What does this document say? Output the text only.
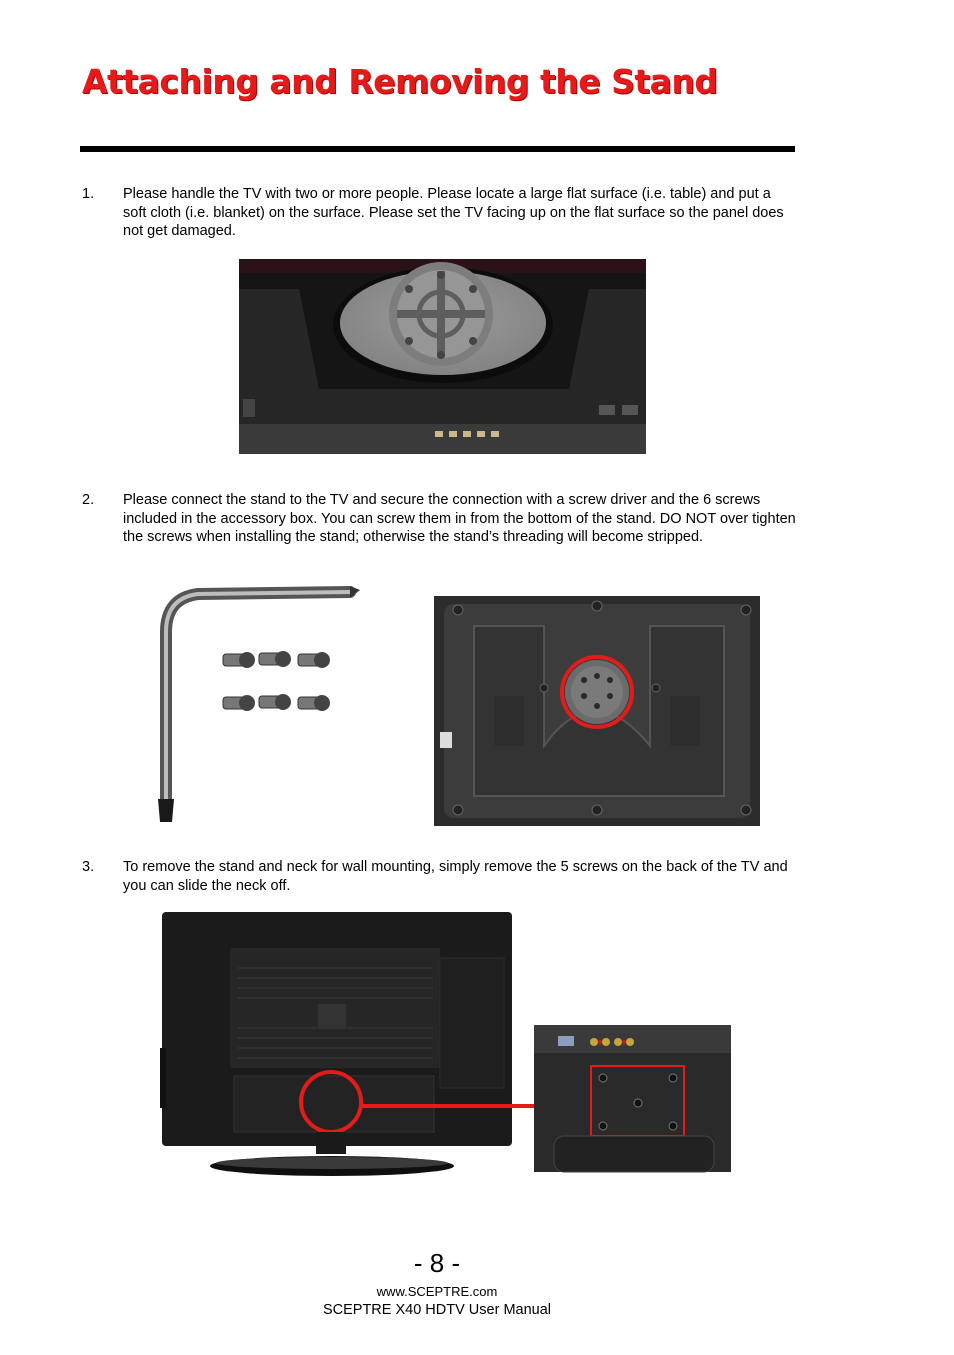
Attaching and Removing the Stand
1. Please handle the TV with two or more people. Please locate a large flat surface (i.e. table) and put a soft cloth (i.e. blanket) on the surface. Please set the TV facing up on the flat surface so the panel does not get damaged.
2. Please connect the stand to the TV and secure the connection with a screw driver and the 6 screws included in the accessory box. You can screw them in from the bottom of the stand. DO NOT over tighten the screws when installing the stand; otherwise the stand’s threading will become stripped.
3. To remove the stand and neck for wall mounting, simply remove the 5 screws on the back of the TV and you can slide the neck off.
- 8 -
www.SCEPTRE.com
SCEPTRE X40 HDTV User Manual
